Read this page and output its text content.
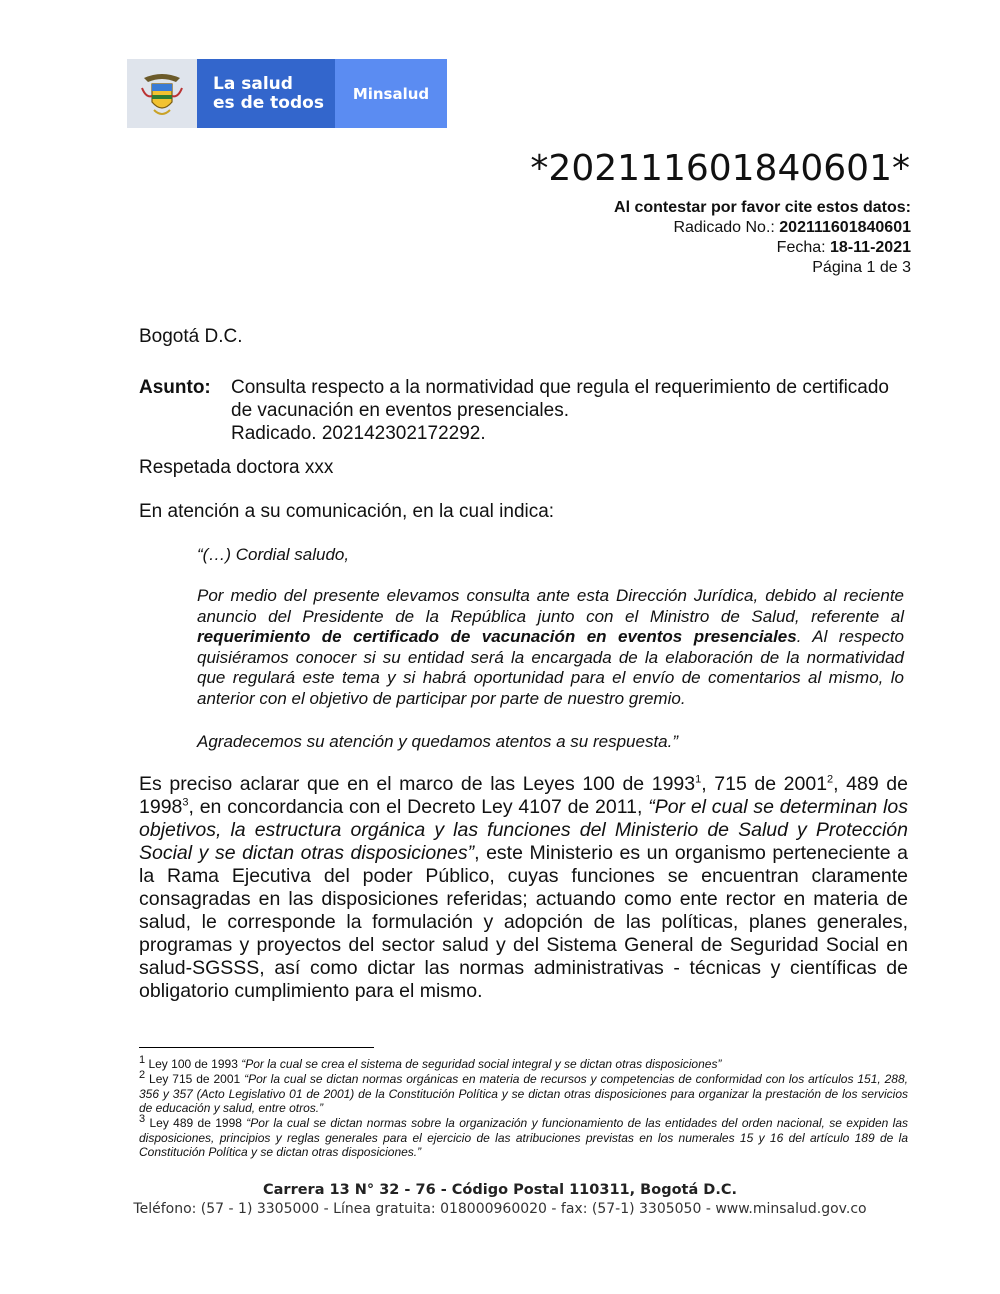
La salud
es de todos	Minsalud
*202111601840601*
Al contestar por favor cite estos datos:
Radicado No.: 202111601840601
Fecha: 18-11-2021
Página 1 de 3
Bogotá D.C.
Asunto: Consulta respecto a la normatividad que regula el requerimiento de certificado
de vacunación en eventos presenciales.
Radicado. 202142302172292.
Respetada doctora xxx
En atención a su comunicación, en la cual indica:
“(…) Cordial saludo,
Por medio del presente elevamos consulta ante esta Dirección Jurídica, debido al reciente anuncio del Presidente de la República junto con el Ministro de Salud, referente al requerimiento de certificado de vacunación en eventos presenciales. Al respecto quisiéramos conocer si su entidad será la encargada de la elaboración de la normatividad que regulará este tema y si habrá oportunidad para el envío de comentarios al mismo, lo anterior con el objetivo de participar por parte de nuestro gremio.
Agradecemos su atención y quedamos atentos a su respuesta.”
Es preciso aclarar que en el marco de las Leyes 100 de 1993$^1$, 715 de 2001$^2$, 489 de 1998$^3$, en concordancia con el Decreto Ley 4107 de 2011, “Por el cual se determinan los objetivos, la estructura orgánica y las funciones del Ministerio de Salud y Protección Social y se dictan otras disposiciones”, este Ministerio es un organismo perteneciente a la Rama Ejecutiva del poder Público, cuyas funciones se encuentran claramente consagradas en las disposiciones referidas; actuando como ente rector en materia de salud, le corresponde la formulación y adopción de las políticas, planes generales, programas y proyectos del sector salud y del Sistema General de Seguridad Social en salud-SGSSS, así como dictar las normas administrativas - técnicas y científicas de obligatorio cumplimiento para el mismo.
$^1$ Ley 100 de 1993 “Por la cual se crea el sistema de seguridad social integral y se dictan otras disposiciones”
$^2$ Ley 715 de 2001 “Por la cual se dictan normas orgánicas en materia de recursos y competencias de conformidad con los artículos 151, 288, 356 y 357 (Acto Legislativo 01 de 2001) de la Constitución Política y se dictan otras disposiciones para organizar la prestación de los servicios de educación y salud, entre otros.”
$^3$ Ley 489 de 1998 “Por la cual se dictan normas sobre la organización y funcionamiento de las entidades del orden nacional, se expiden las disposiciones, principios y reglas generales para el ejercicio de las atribuciones previstas en los numerales 15 y 16 del artículo 189 de la Constitución Política y se dictan otras disposiciones.”
Carrera 13 N° 32 - 76 - Código Postal 110311, Bogotá D.C.
Teléfono: (57 - 1) 3305000 - Línea gratuita: 018000960020 - fax: (57-1) 3305050 - www.minsalud.gov.co
